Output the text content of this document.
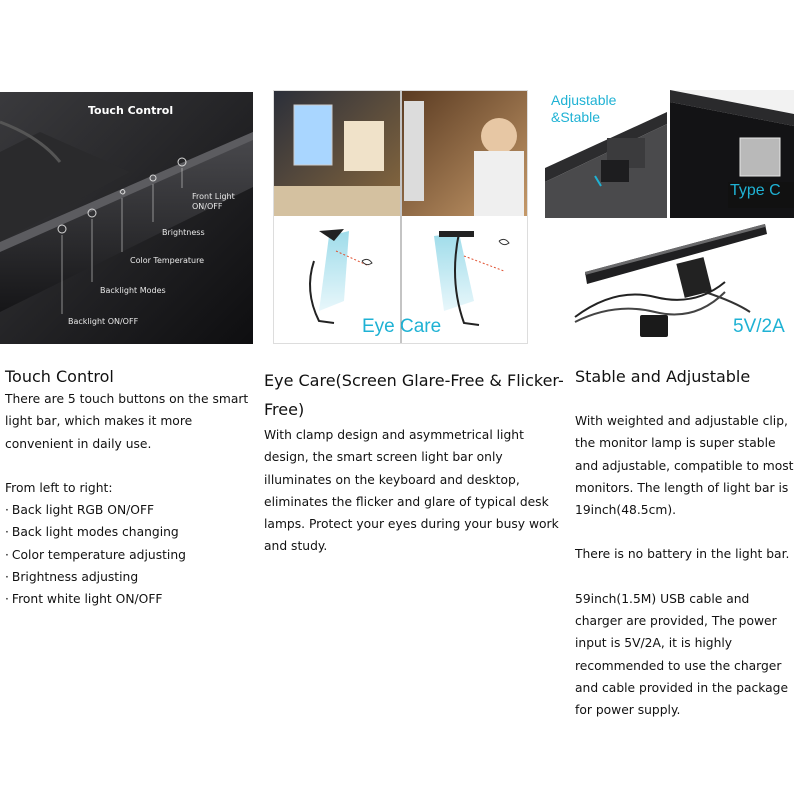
Touch Control
Front Light
ON/OFF
Brightness
Color Temperature
Backlight Modes
Backlight ON/OFF	Eye Care
Adjustable
&Stable
Type C
5V/2A
Touch Control

There are 5 touch buttons on the smart light bar, which makes it more convenient in daily use.

From left to right:

· Back light RGB ON/OFF
· Back light modes changing
· Color temperature adjusting
· Brightness adjusting
· Front white light ON/OFF
Eye Care(Screen Glare-Free & Flicker-Free)

With clamp design and asymmetrical light design, the smart screen light bar only illuminates on the keyboard and desktop, eliminates the flicker and glare of typical desk lamps. Protect your eyes during your busy work and study.

Stable and Adjustable

With weighted and adjustable clip, the monitor lamp is super stable and adjustable, compatible to most monitors. The length of light bar is 19inch(48.5cm).

There is no battery in the light bar.

59inch(1.5M) USB cable and charger are provided, The power input is 5V/2A, it is highly recommended to use the charger and cable provided in the package for power supply.
